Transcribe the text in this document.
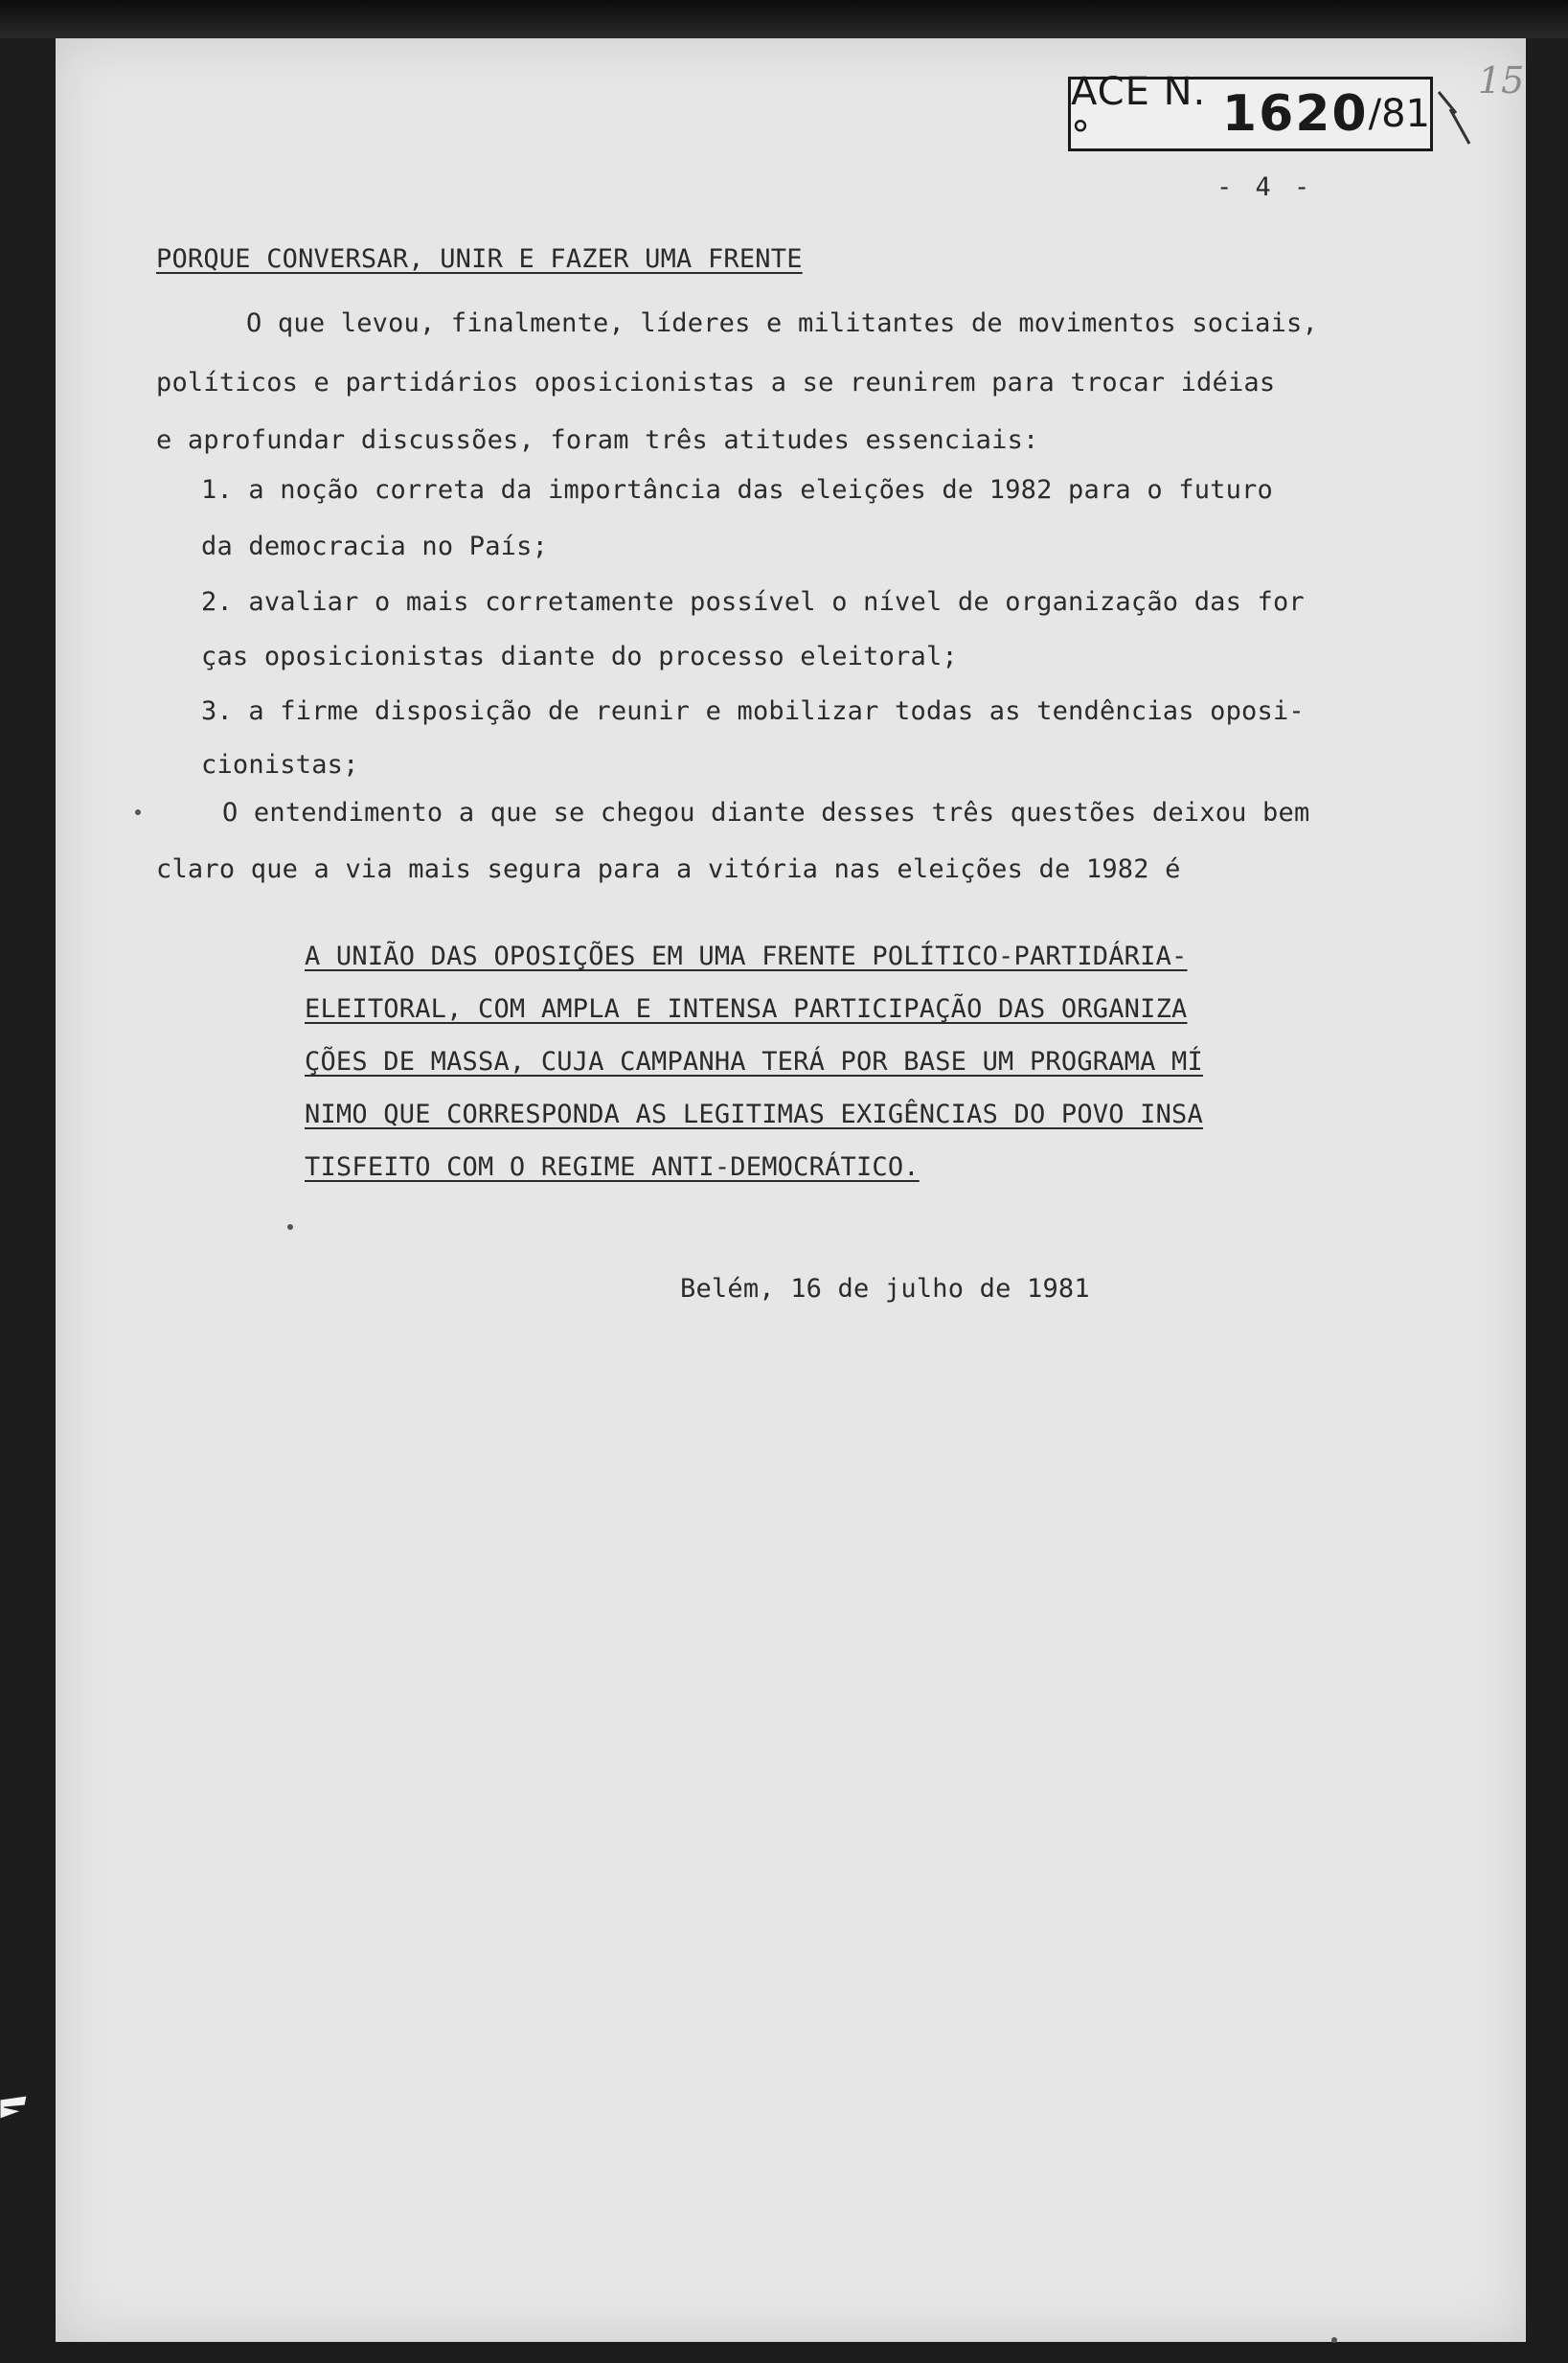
ACE N.°	1620 /81
15
- 4 -
PORQUE CONVERSAR, UNIR E FAZER UMA FRENTE
O que levou, finalmente, líderes e militantes de movimentos sociais,
políticos e partidários oposicionistas a se reunirem para trocar idéias
e aprofundar discussões, foram três atitudes essenciais:
1. a noção correta da importância das eleições de 1982 para o futuro
da democracia no País;
2. avaliar o mais corretamente possível o nível de organização das for
ças oposicionistas diante do processo eleitoral;
3. a firme disposição de reunir e mobilizar todas as tendências oposi-
cionistas;
O entendimento a que se chegou diante desses três questões deixou bem
claro que a via mais segura para a vitória nas eleições de 1982 é
A UNIÃO DAS OPOSIÇÕES EM UMA FRENTE POLÍTICO-PARTIDÁRIA-
ELEITORAL, COM AMPLA E INTENSA PARTICIPAÇÃO DAS ORGANIZA
ÇÕES DE MASSA, CUJA CAMPANHA TERÁ POR BASE UM PROGRAMA MÍ
NIMO QUE CORRESPONDA AS LEGITIMAS EXIGÊNCIAS DO POVO INSA
TISFEITO COM O REGIME ANTI-DEMOCRÁTICO.
Belém, 16 de julho de 1981
